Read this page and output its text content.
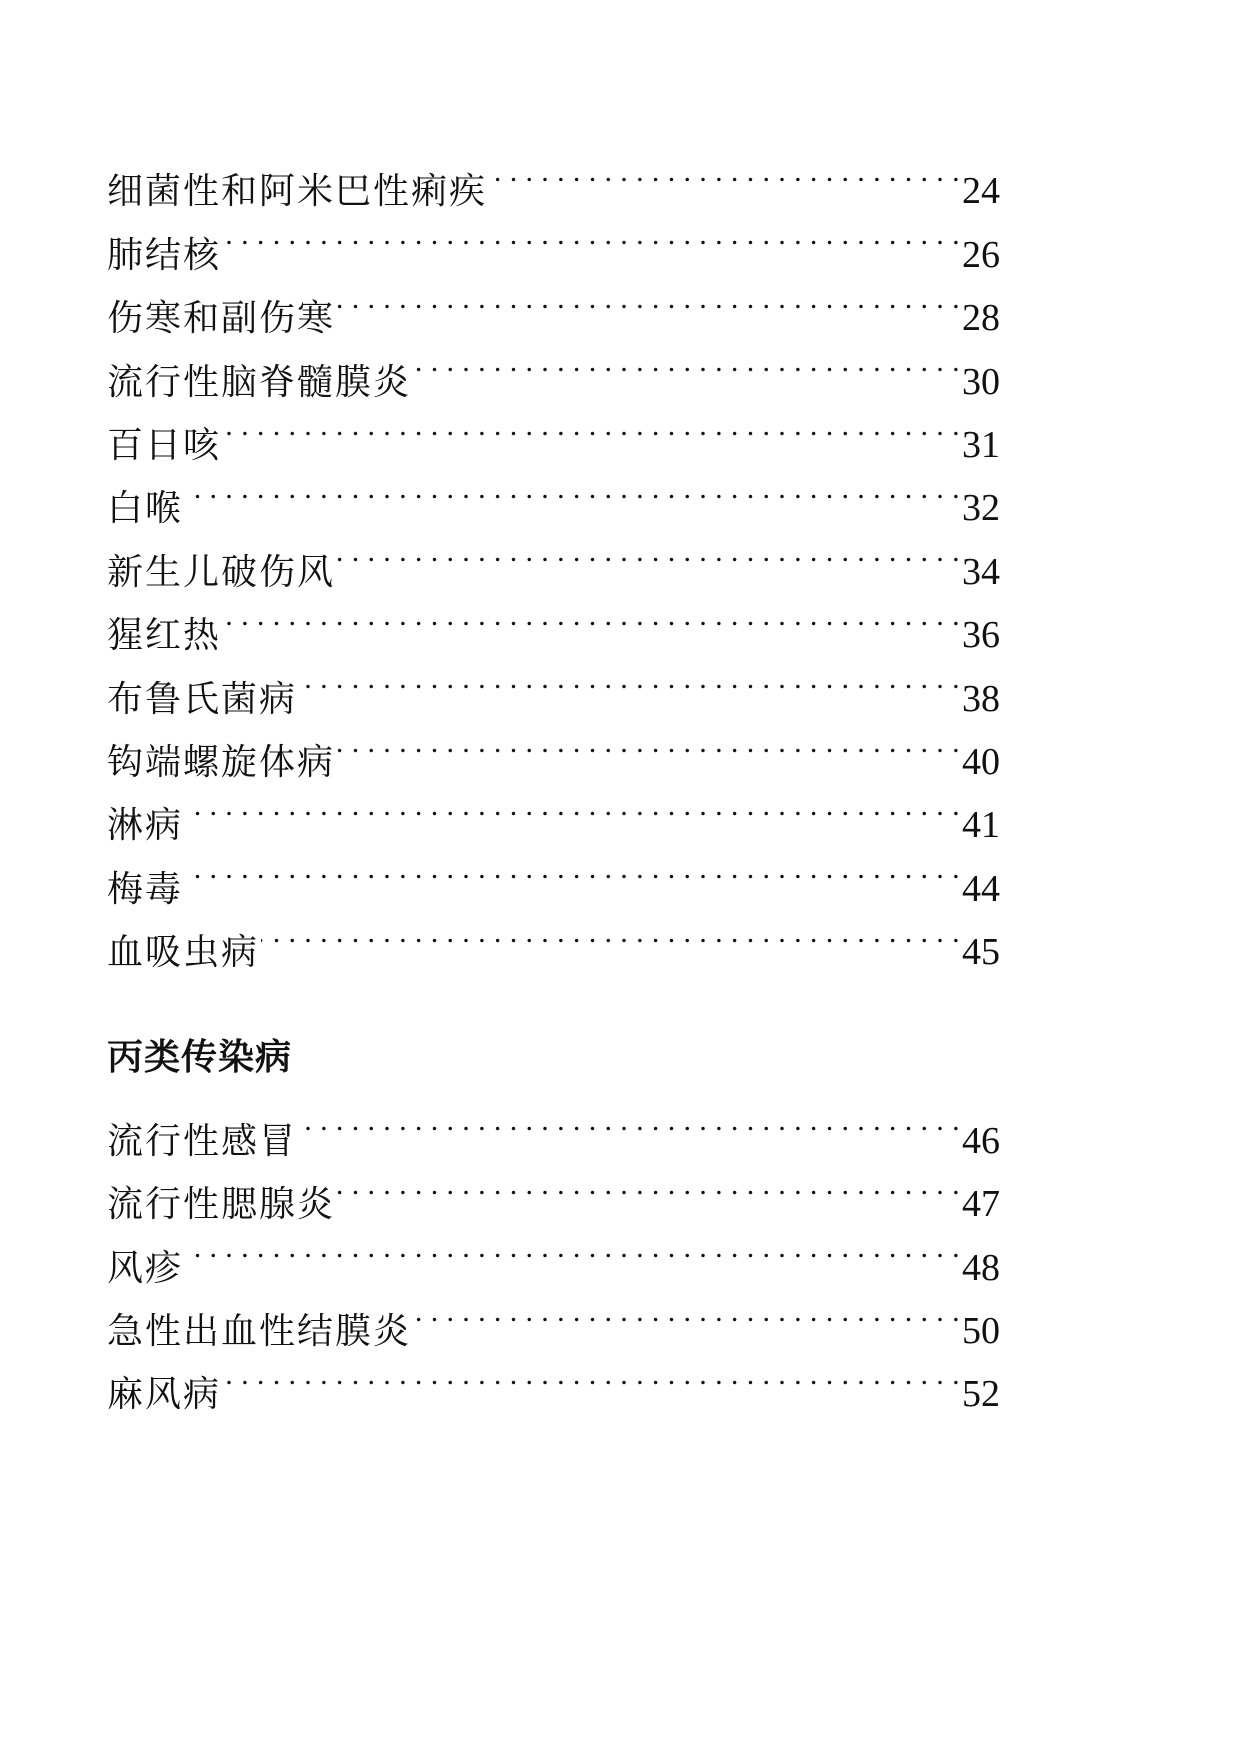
细菌性和阿米巴性痢疾 . . .	24
肺结核 . . .	26
伤寒和副伤寒 . . .	28
流行性脑脊髓膜炎 . . .	30
百日咳 . . .	31
白喉 . . .	32
新生儿破伤风 . . .	34
猩红热 . . .	36
布鲁氏菌病 . . .	38
钩端螺旋体病 . . .	40
淋病 . . .	41
梅毒 . . .	44
血吸虫病 . . .	45
丙类传染病
流行性感冒 . . .	46
流行性腮腺炎 . . .	47
风疹 . . .	48
急性出血性结膜炎 . . .	50
麻风病 . . .	52
